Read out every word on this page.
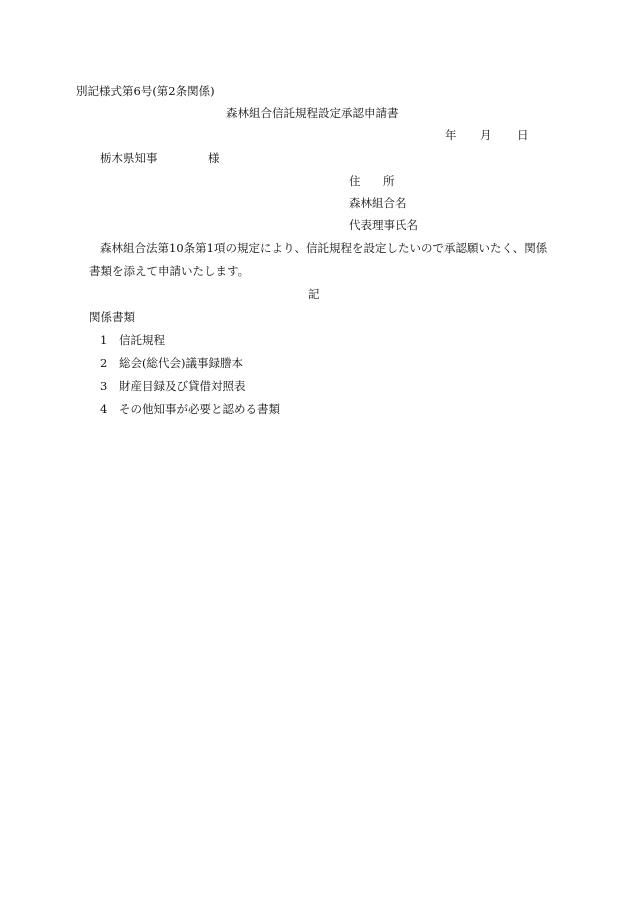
別記様式第6号(第2条関係)
森林組合信託規程設定承認申請書
年 月 日
栃木県知事	様
住 所
森林組合名
代表理事氏名
森林組合法第10条第1項の規定により、信託規程を設定したいので承認願いたく、関係
書類を添えて申請いたします。
記
関係書類
1 信託規程
2 総会(総代会)議事録謄本
3 財産目録及び貸借対照表
4 その他知事が必要と認める書類
